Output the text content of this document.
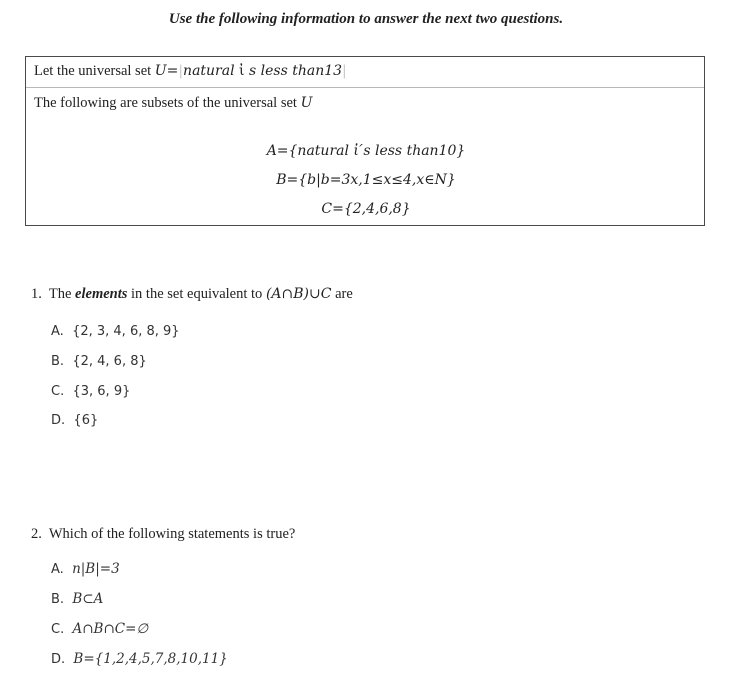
Use the following information to answer the next two questions.
Let the universal set U=|natural ἰ s less than13|
The following are subsets of the universal set U
A={natural ἰ ́s less than10}
B={b|b=3x,1≤x≤4,x∈N}
C={2,4,6,8}
1. The elements in the set equivalent to (A∩B)∪C are
A. {2, 3, 4, 6, 8, 9}
B. {2, 4, 6, 8}
C. {3, 6, 9}
D. {6}
2. Which of the following statements is true?
A. n|B|=3
B. B⊂A
C. A∩B∩C=∅
D. B={1,2,4,5,7,8,10,11}
